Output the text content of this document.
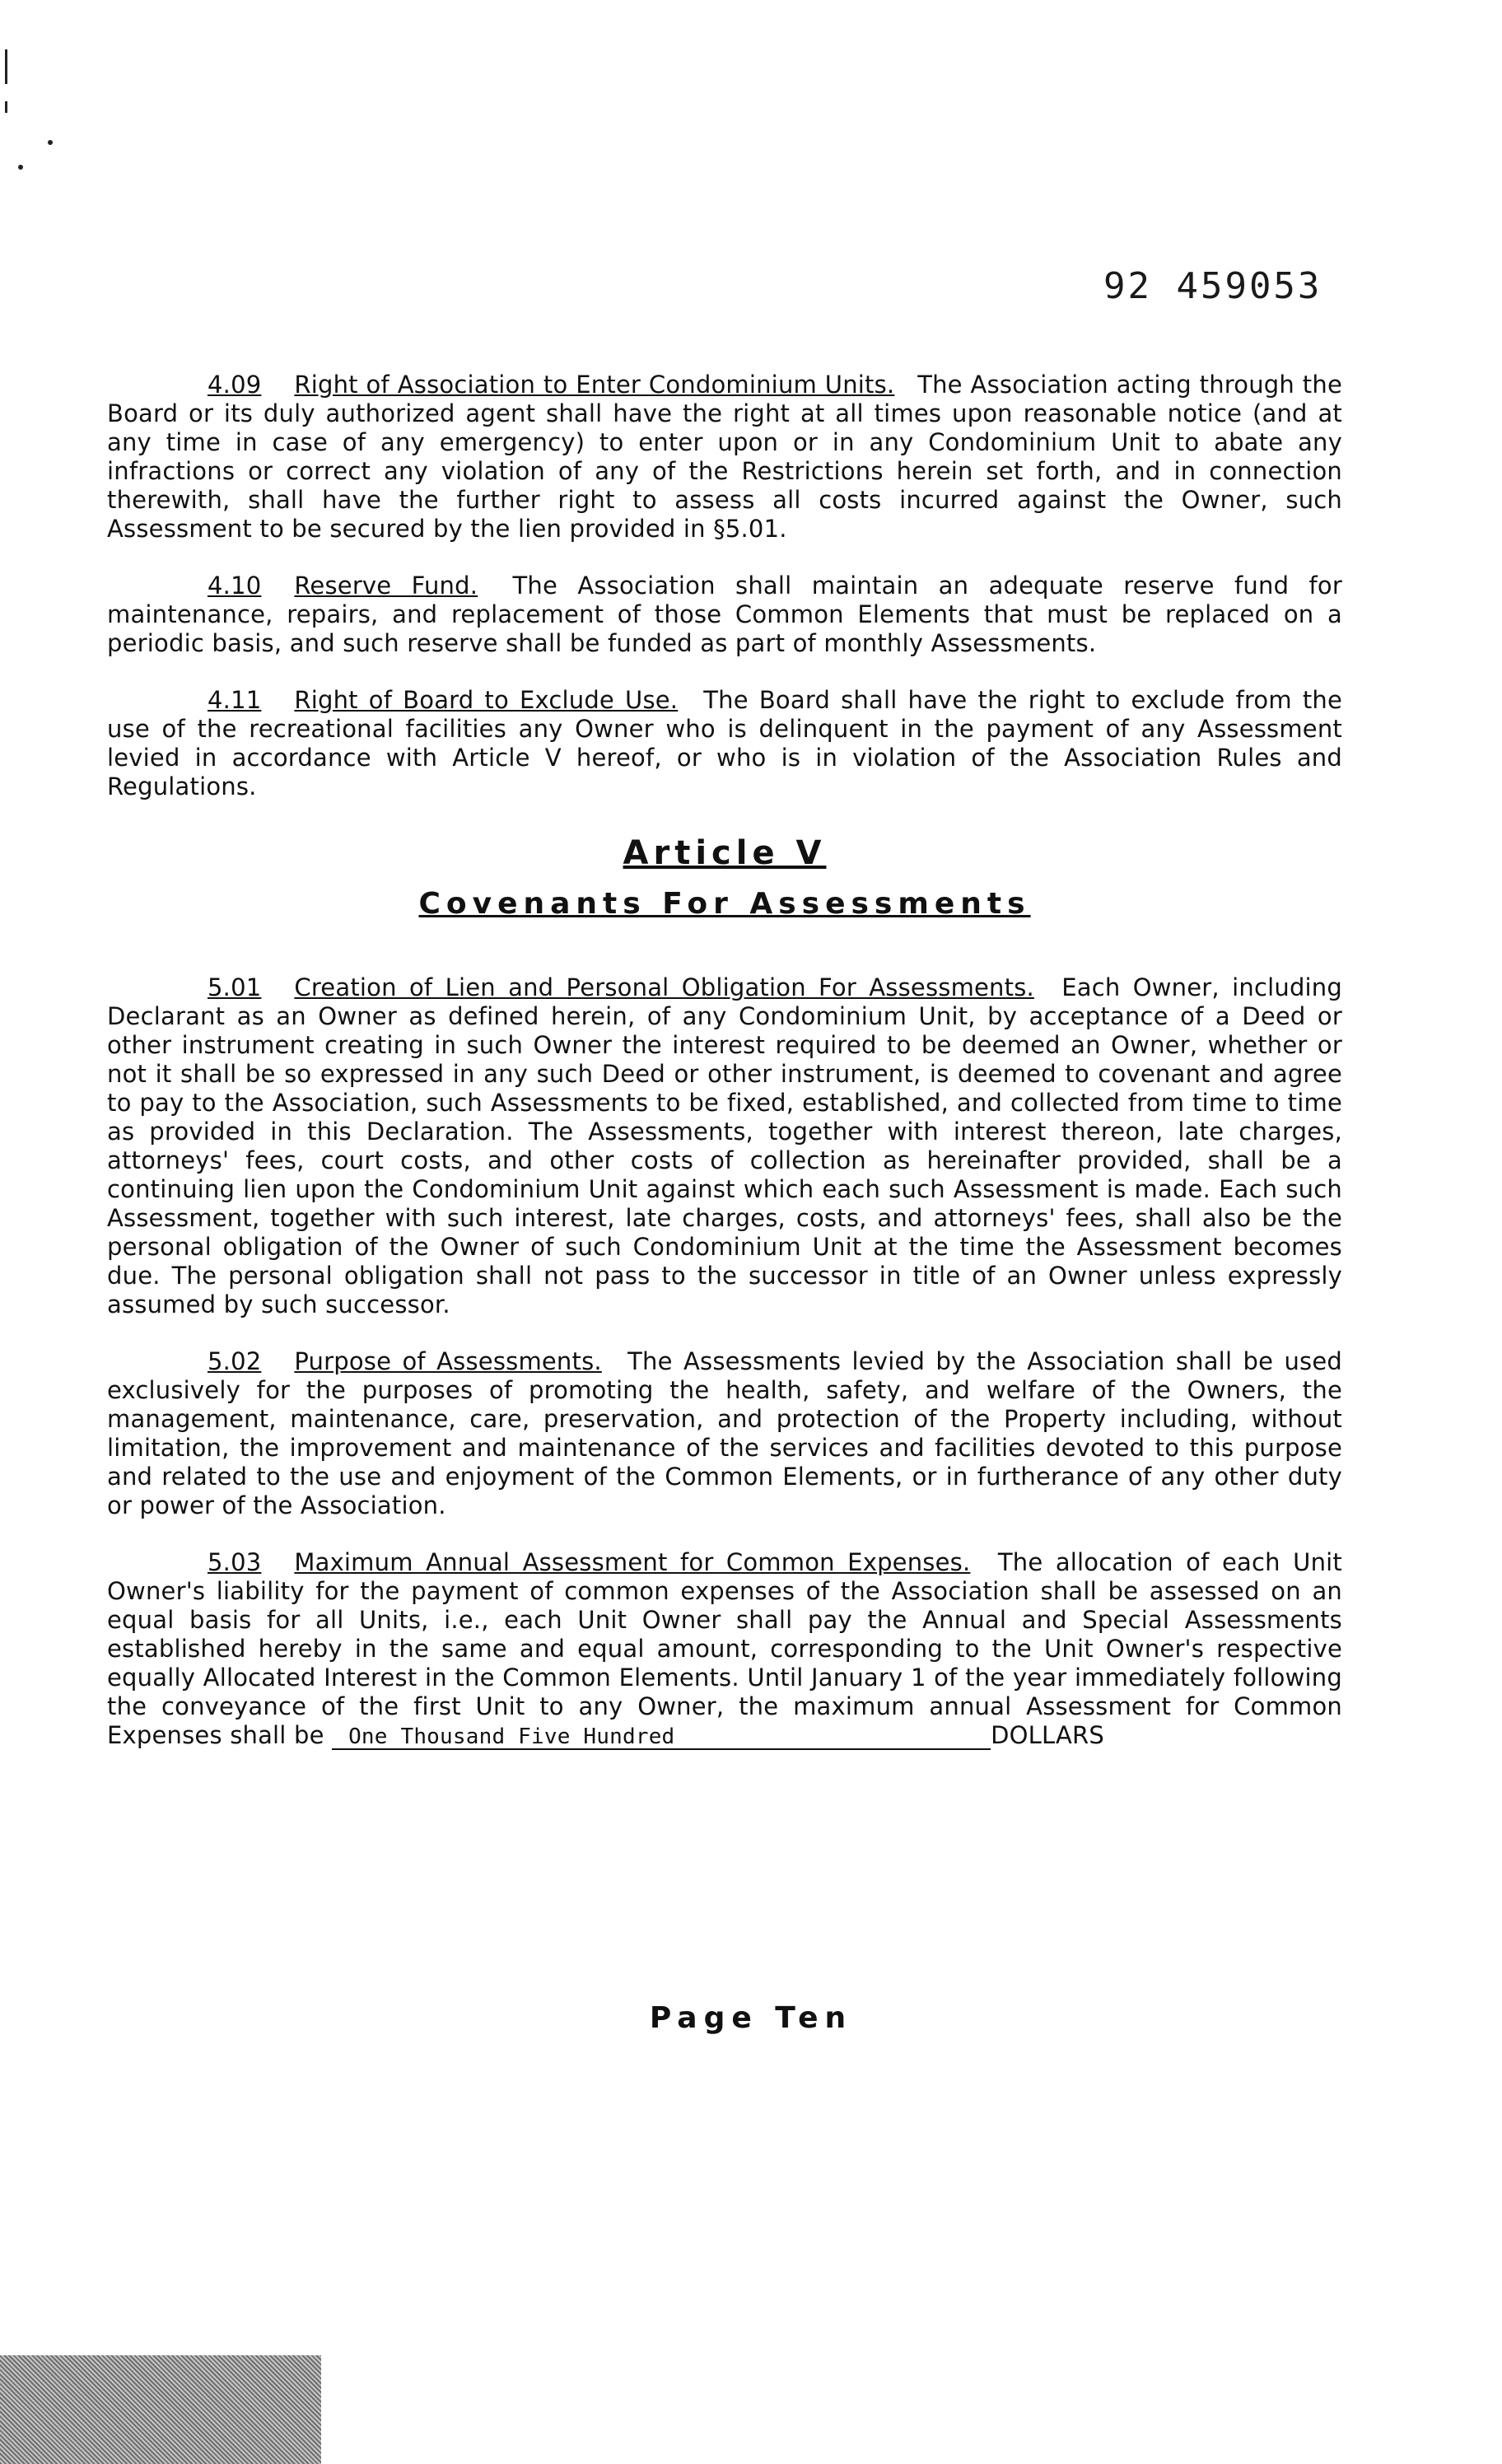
92 459053

4.09 Right of Association to Enter Condominium Units. The Association acting through the Board or its duly authorized agent shall have the right at all times upon reasonable notice (and at any time in case of any emergency) to enter upon or in any Condominium Unit to abate any infractions or correct any violation of any of the Restrictions herein set forth, and in connection therewith, shall have the further right to assess all costs incurred against the Owner, such Assessment to be secured by the lien provided in §5.01.

4.10 Reserve Fund. The Association shall maintain an adequate reserve fund for maintenance, repairs, and replacement of those Common Elements that must be replaced on a periodic basis, and such reserve shall be funded as part of monthly Assessments.

4.11 Right of Board to Exclude Use. The Board shall have the right to exclude from the use of the recreational facilities any Owner who is delinquent in the payment of any Assessment levied in accordance with Article V hereof, or who is in violation of the Association Rules and Regulations.

Article V
Covenants For Assessments

5.01 Creation of Lien and Personal Obligation For Assessments. Each Owner, including Declarant as an Owner as defined herein, of any Condominium Unit, by acceptance of a Deed or other instrument creating in such Owner the interest required to be deemed an Owner, whether or not it shall be so expressed in any such Deed or other instrument, is deemed to covenant and agree to pay to the Association, such Assessments to be fixed, established, and collected from time to time as provided in this Declaration. The Assessments, together with interest thereon, late charges, attorneys' fees, court costs, and other costs of collection as hereinafter provided, shall be a continuing lien upon the Condominium Unit against which each such Assessment is made. Each such Assessment, together with such interest, late charges, costs, and attorneys' fees, shall also be the personal obligation of the Owner of such Condominium Unit at the time the Assessment becomes due. The personal obligation shall not pass to the successor in title of an Owner unless expressly assumed by such successor.

5.02 Purpose of Assessments. The Assessments levied by the Association shall be used exclusively for the purposes of promoting the health, safety, and welfare of the Owners, the management, maintenance, care, preservation, and protection of the Property including, without limitation, the improvement and maintenance of the services and facilities devoted to this purpose and related to the use and enjoyment of the Common Elements, or in furtherance of any other duty or power of the Association.

5.03 Maximum Annual Assessment for Common Expenses. The allocation of each Unit Owner's liability for the payment of common expenses of the Association shall be assessed on an equal basis for all Units, i.e., each Unit Owner shall pay the Annual and Special Assessments established hereby in the same and equal amount, corresponding to the Unit Owner's respective equally Allocated Interest in the Common Elements. Until January 1 of the year immediately following the conveyance of the first Unit to any Owner, the maximum annual Assessment for Common Expenses shall be One Thousand Five Hundred	DOLLARS

Page Ten
